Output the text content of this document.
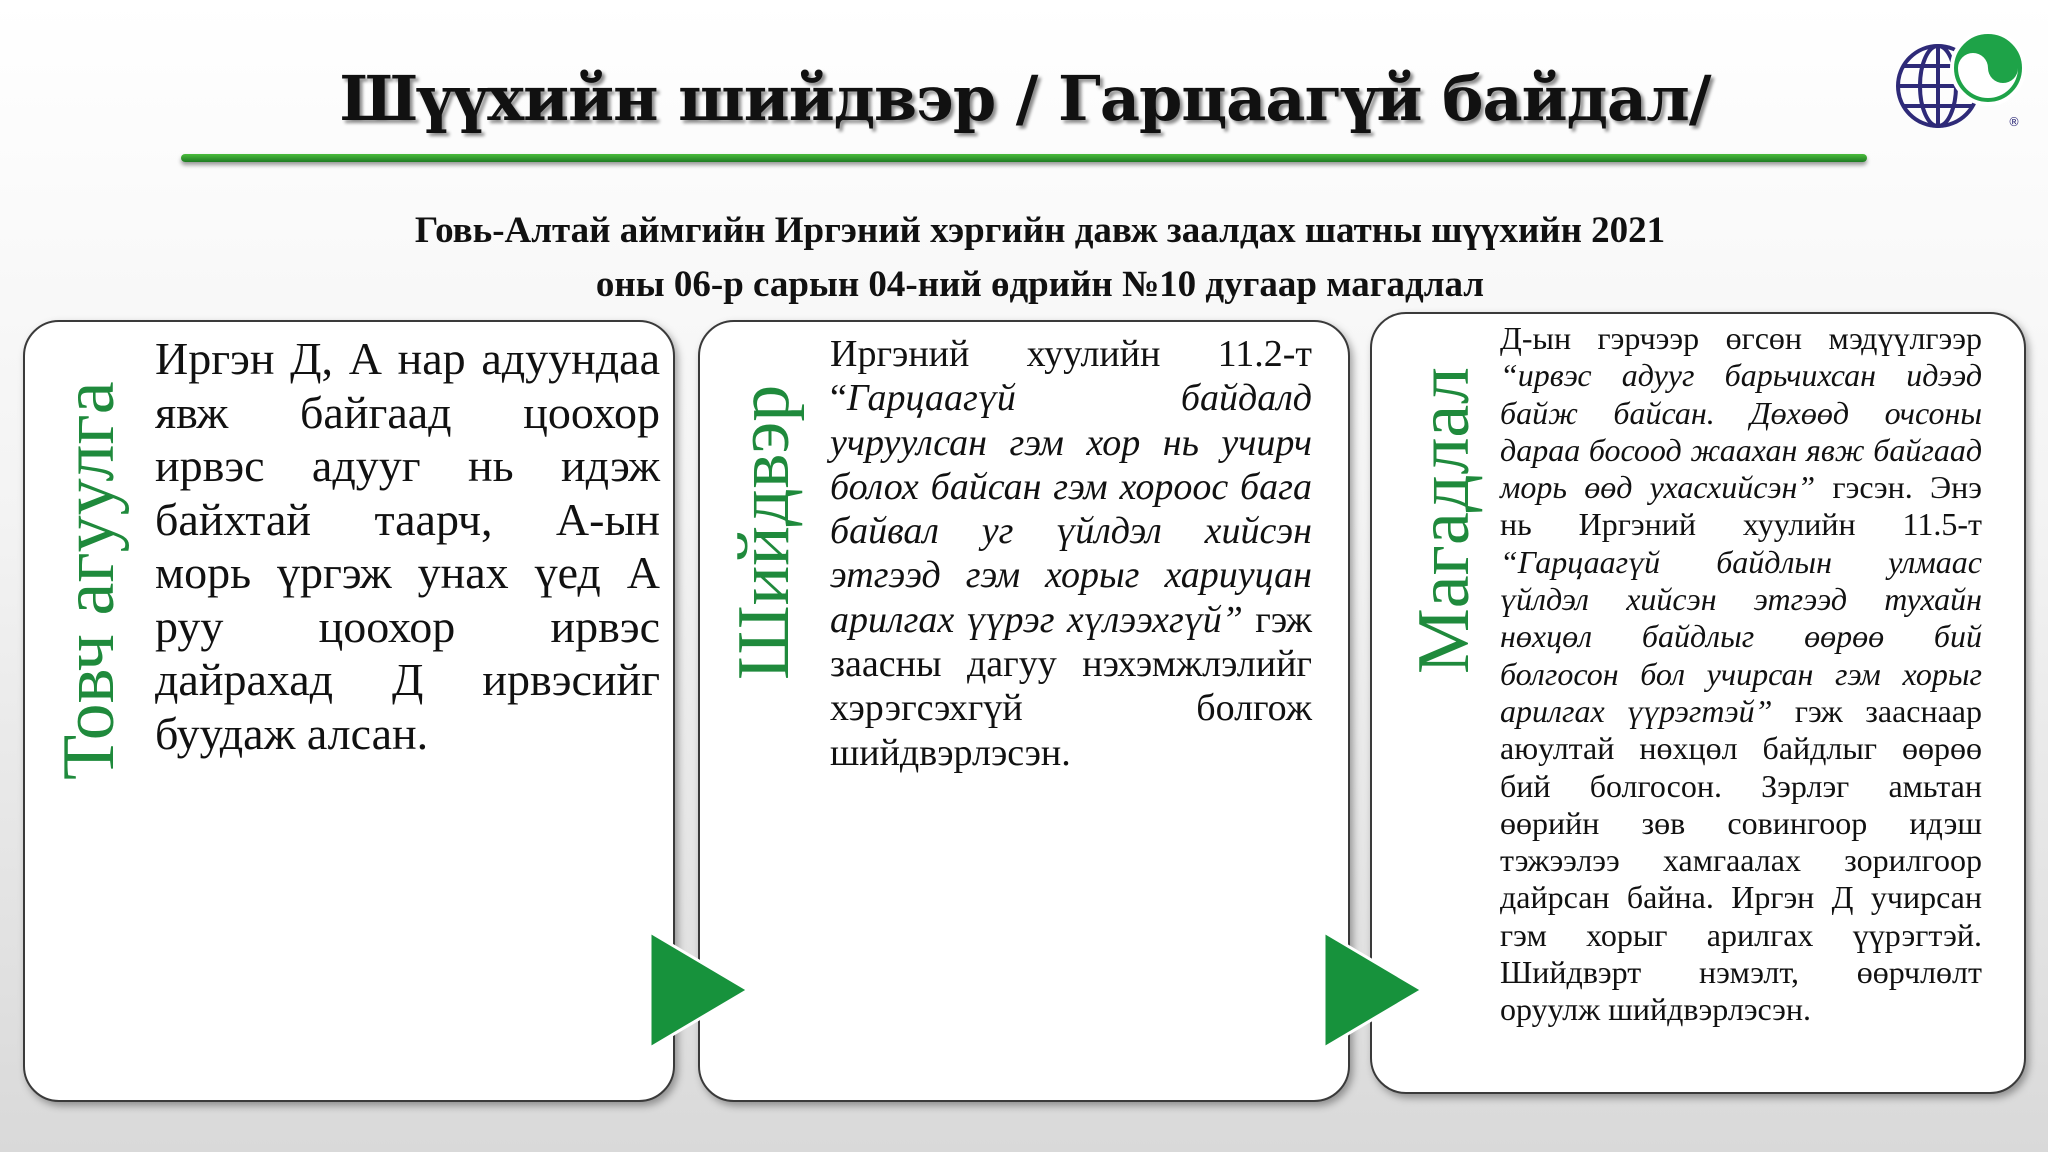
Шүүхийн шийдвэр / Гарцаагүй байдал/	®
Говь-Алтай аймгийн Иргэний хэргийн давж заалдах шатны шүүхийн 2021
оны 06-р сарын 04-ний өдрийн №10 дугаар магадлал
Товч агуулга
Иргэн Д, А нар адуундаа явж байгаад цоохор ирвэс адууг нь идэж байхтай таарч, А-ын морь үргэж унах үед А руу цоохор ирвэс дайрахад Д ирвэсийг буудаж алсан.
Шийдвэр
Иргэний хуулийн 11.2-т “Гарцаагүй байдалд учруулсан гэм хор нь учирч болох байсан гэм хороос бага байвал уг үйлдэл хийсэн этгээд гэм хорыг хариуцан арилгах үүрэг хүлээхгүй” гэж заасны дагуу нэхэмжлэлийг хэрэгсэхгүй болгож шийдвэрлэсэн.
Магадлал
Д-ын гэрчээр өгсөн мэдүүлгээр “ирвэс адууг барьчихсан идээд байж байсан. Дөхөөд очсоны дараа босоод жаахан явж байгаад морь өөд ухасхийсэн” гэсэн. Энэ нь Иргэний хуулийн 11.5-т “Гарцаагүй байдлын улмаас үйлдэл хийсэн этгээд тухайн нөхцөл байдлыг өөрөө бий болгосон бол учирсан гэм хорыг арилгах үүрэгтэй” гэж зааснаар аюултай нөхцөл байдлыг өөрөө бий болгосон. Зэрлэг амьтан өөрийн зөв совингоор идэш тэжээлээ хамгаалах зорилгоор дайрсан байна. Иргэн Д учирсан гэм хорыг арилгах үүрэгтэй. Шийдвэрт нэмэлт, өөрчлөлт оруулж шийдвэрлэсэн.
